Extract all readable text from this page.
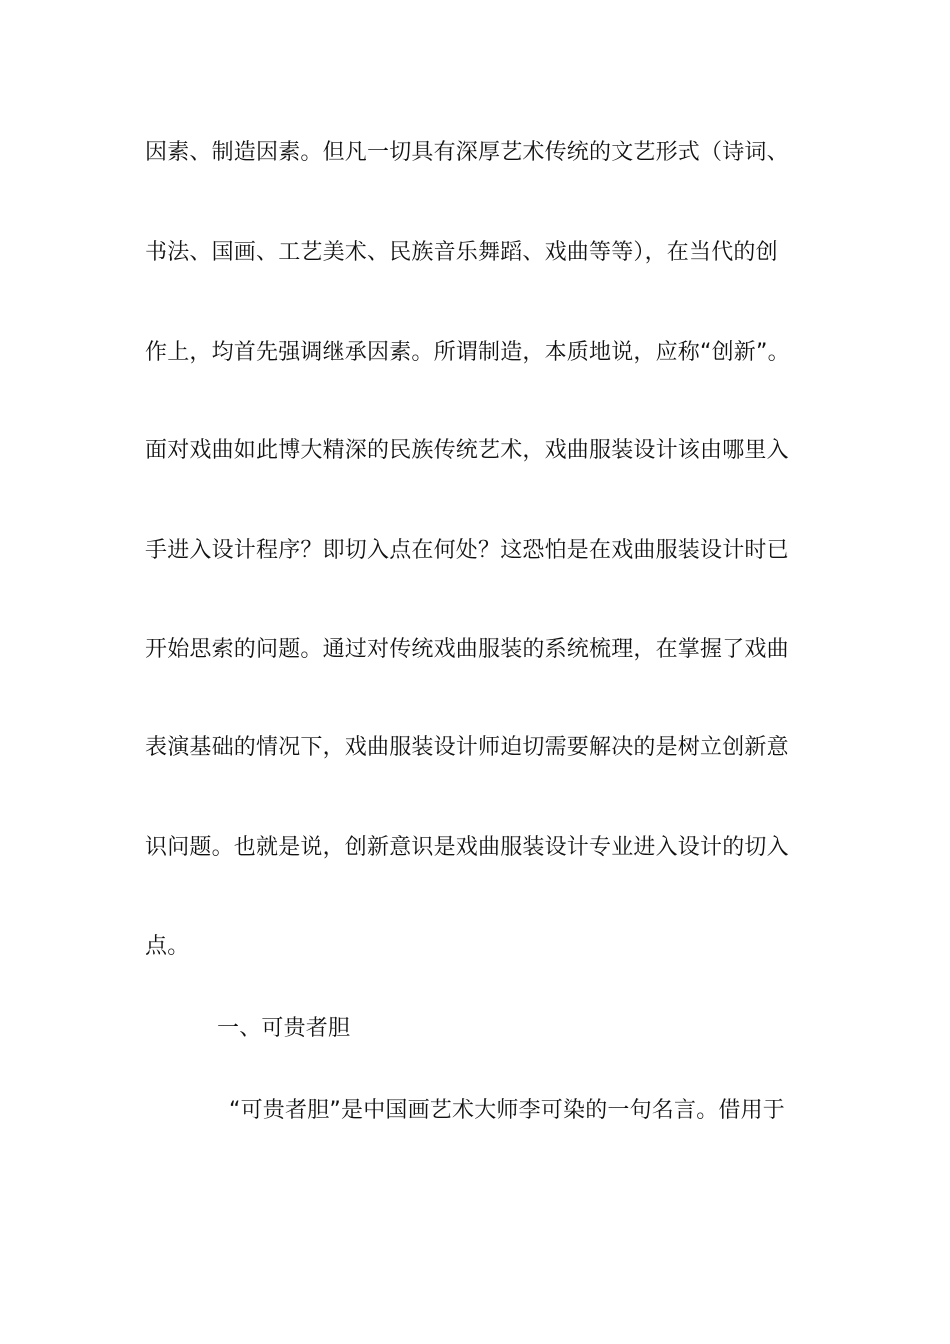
因素、制造因素。但凡一切具有深厚艺术传统的文艺形式（诗词、
书法、国画、工艺美术、民族音乐舞蹈、戏曲等等），在当代的创
作上，均首先强调继承因素。所谓制造，本质地说，应称“创新”。
面对戏曲如此博大精深的民族传统艺术，戏曲服装设计该由哪里入
手进入设计程序？即切入点在何处？这恐怕是在戏曲服装设计时已
开始思索的问题。通过对传统戏曲服装的系统梳理，在掌握了戏曲
表演基础的情况下，戏曲服装设计师迫切需要解决的是树立创新意
识问题。也就是说，创新意识是戏曲服装设计专业进入设计的切入
点。
一、可贵者胆
“可贵者胆”是中国画艺术大师李可染的一句名言。借用于
